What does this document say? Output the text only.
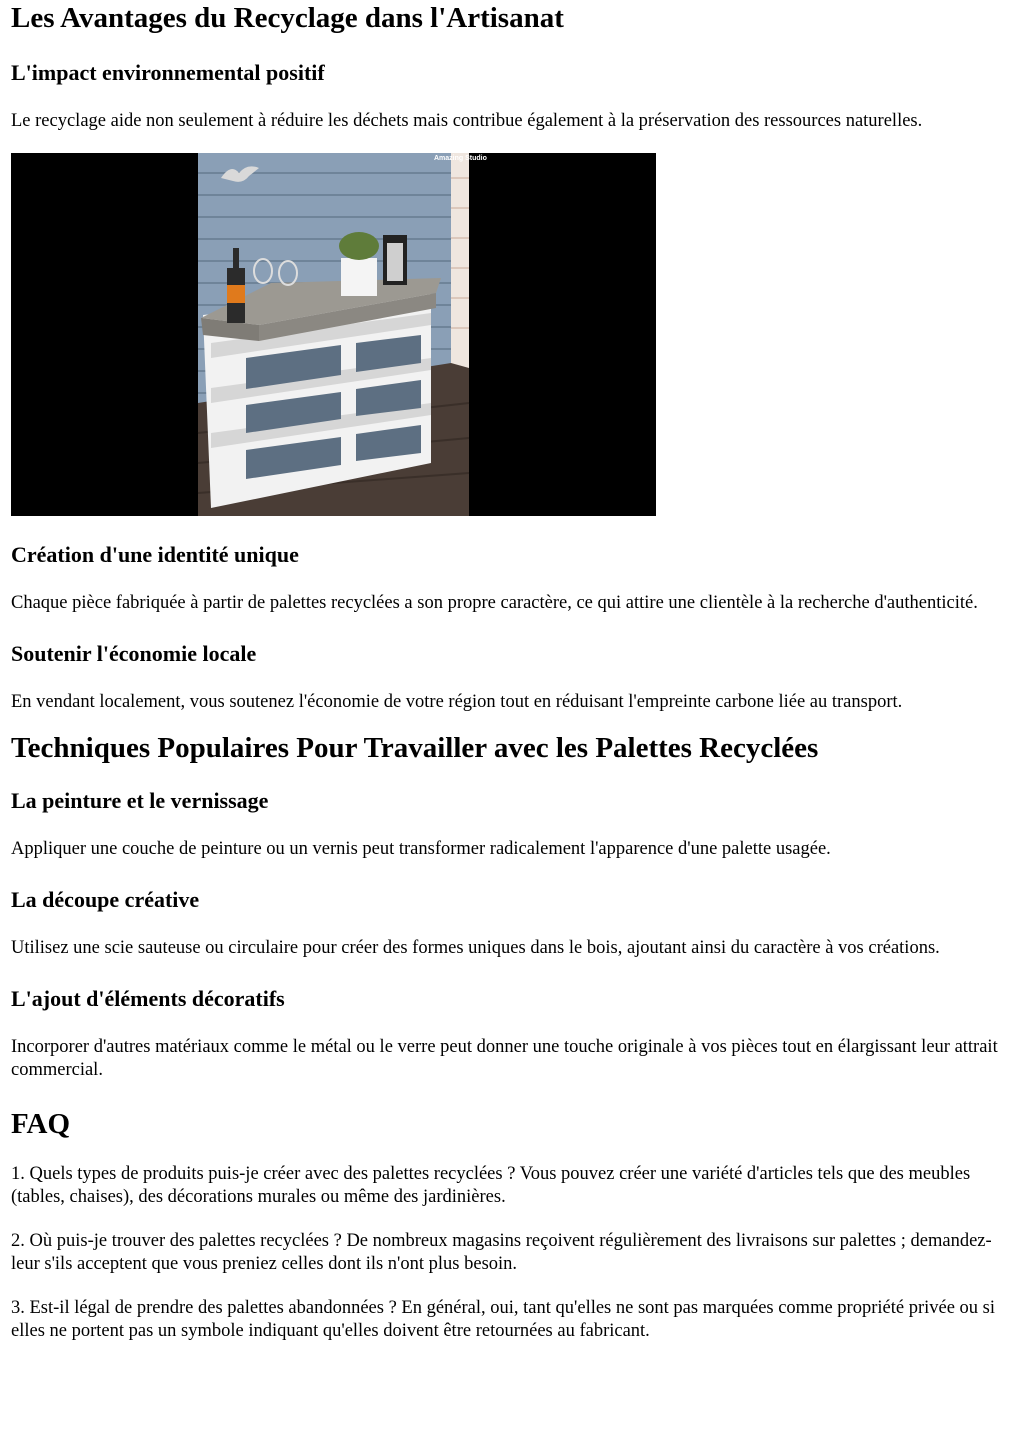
Les Avantages du Recyclage dans l'Artisanat
L'impact environnemental positif

Le recyclage aide non seulement à réduire les déchets mais contribue également à la préservation des ressources naturelles.

Amazing Studio
Création d'une identité unique

Chaque pièce fabriquée à partir de palettes recyclées a son propre caractère, ce qui attire une clientèle à la recherche d'authenticité.

Soutenir l'économie locale

En vendant localement, vous soutenez l'économie de votre région tout en réduisant l'empreinte carbone liée au transport.

Techniques Populaires Pour Travailler avec les Palettes Recyclées
La peinture et le vernissage

Appliquer une couche de peinture ou un vernis peut transformer radicalement l'apparence d'une palette usagée.

La découpe créative

Utilisez une scie sauteuse ou circulaire pour créer des formes uniques dans le bois, ajoutant ainsi du caractère à vos créations.

L'ajout d'éléments décoratifs

Incorporer d'autres matériaux comme le métal ou le verre peut donner une touche originale à vos pièces tout en élargissant leur attrait commercial.

FAQ

1. Quels types de produits puis-je créer avec des palettes recyclées ? Vous pouvez créer une variété d'articles tels que des meubles (tables, chaises), des décorations murales ou même des jardinières.

2. Où puis-je trouver des palettes recyclées ? De nombreux magasins reçoivent régulièrement des livraisons sur palettes ; demandez-leur s'ils acceptent que vous preniez celles dont ils n'ont plus besoin.

3. Est-il légal de prendre des palettes abandonnées ? En général, oui, tant qu'elles ne sont pas marquées comme propriété privée ou si elles ne portent pas un symbole indiquant qu'elles doivent être retournées au fabricant.
